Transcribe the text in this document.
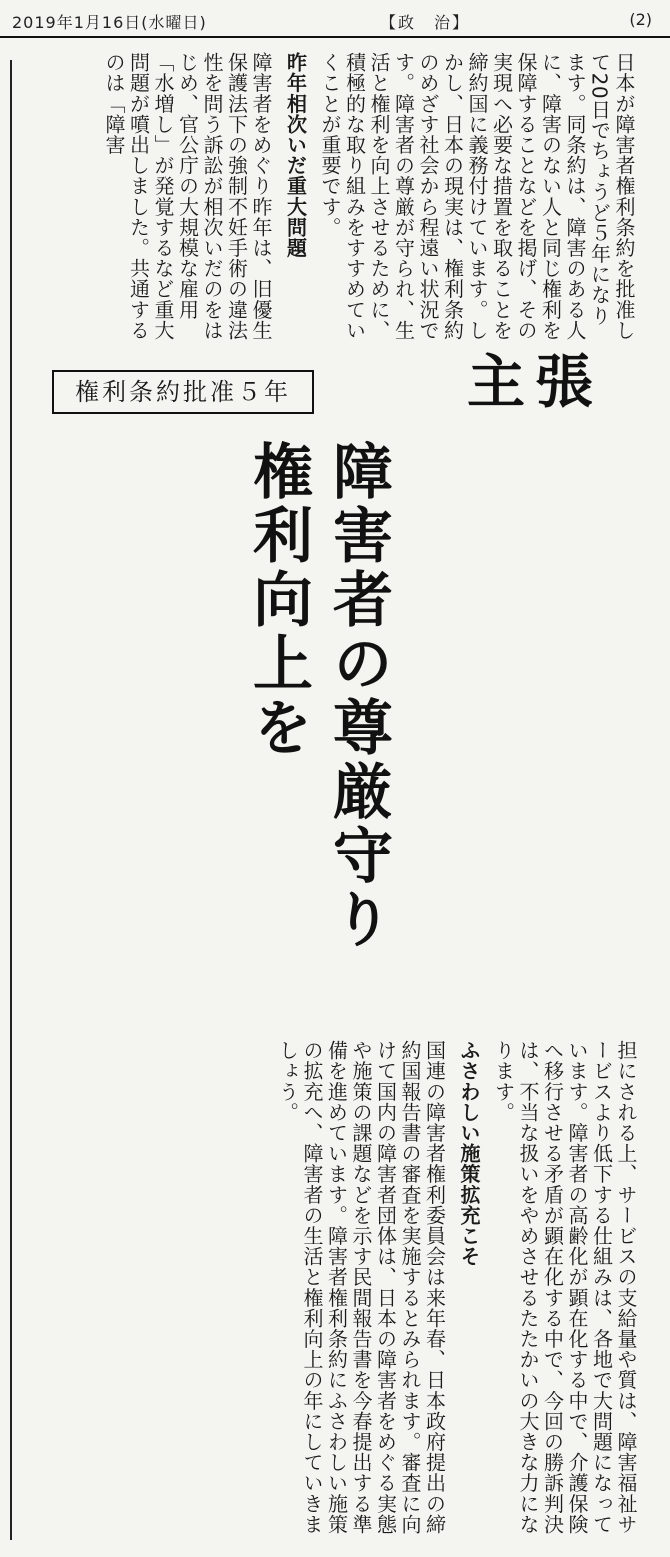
2019年1月16日(水曜日)	【政　治】	(2)
日本が障害者権利条約を批准して20日でちょうど５年になります。同条約は、障害のある人に、障害のない人と同じ権利を保障することなどを掲げ、その実現へ必要な措置を取ることを締約国に義務付けています。しかし、日本の現実は、権利条約のめざす社会から程遠い状況です。障害者の尊厳が守られ、生活と権利を向上させるために、積極的な取り組みをすすめていくことが重要です。
昨年相次いだ重大問題
障害者をめぐり昨年は、旧優生保護法下の強制不妊手術の違法性を問う訴訟が相次いだのをはじめ、官公庁の大規模な雇用「水増し」が発覚するなど重大問題が噴出しました。共通するのは「障害
主張
権利条約批准５年
障害者の尊厳守り権利向上を
担にされる上、サービスの支給量や質は、障害福祉サービスより低下する仕組みは、各地で大問題になっています。障害者の高齢化が顕在化する中で、介護保険へ移行させる矛盾が顕在化する中で、今回の勝訴判決は、不当な扱いをやめさせるたたかいの大きな力になります。
ふさわしい施策拡充こそ
国連の障害者権利委員会は来年春、日本政府提出の締約国報告書の審査を実施するとみられます。審査に向けて国内の障害者団体は、日本の障害者をめぐる実態や施策の課題などを示す民間報告書を今春提出する準備を進めています。障害者権利条約にふさわしい施策の拡充へ、障害者の生活と権利向上の年にしていきましょう。
